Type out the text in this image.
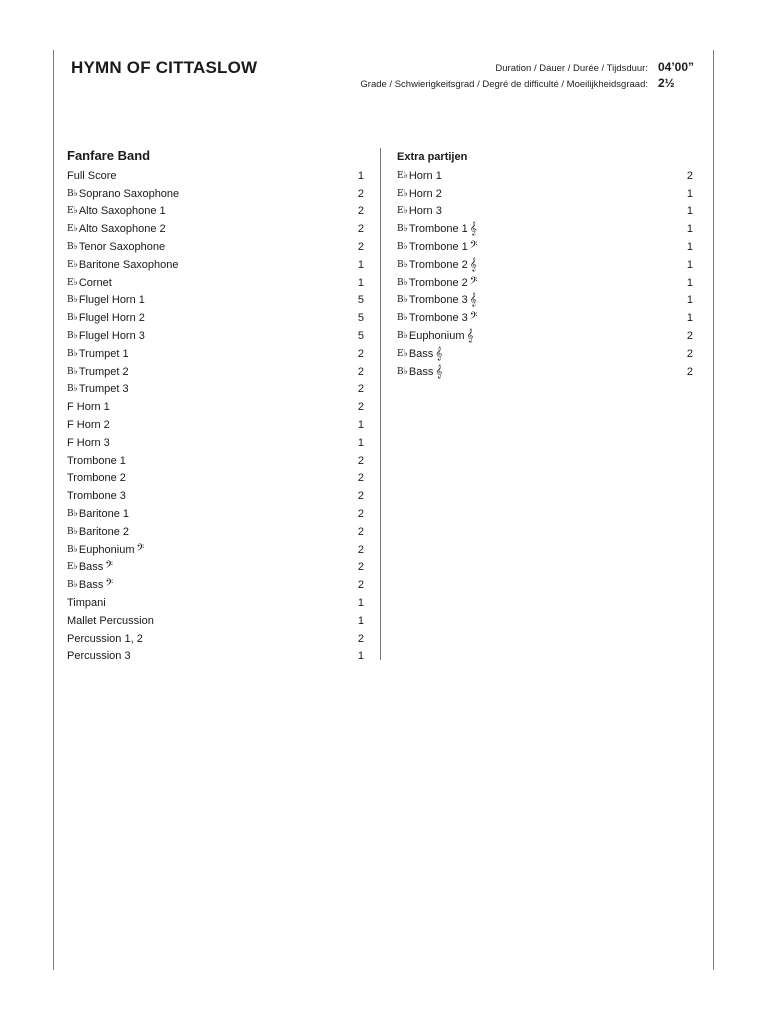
HYMN OF CITTASLOW	Duration / Dauer / Durée / Tijdsduur: 04’00”
Grade / Schwierigkeitsgrad / Degré de difficulté / Moeilijkheidsgraad: 2½
Fanfare Band
Full Score	1
B♭Soprano Saxophone	2
E♭Alto Saxophone 1	2
E♭Alto Saxophone 2	2
B♭Tenor Saxophone	2
E♭Baritone Saxophone	1
E♭Cornet	1
B♭Flugel Horn 1	5
B♭Flugel Horn 2	5
B♭Flugel Horn 3	5
B♭Trumpet 1	2
B♭Trumpet 2	2
B♭Trumpet 3	2
F Horn 1	2
F Horn 2	1
F Horn 3	1
Trombone 1	2
Trombone 2	2
Trombone 3	2
B♭Baritone 1	2
B♭Baritone 2	2
B♭Euphonium 𝄢	2
E♭Bass 𝄢	2
B♭Bass 𝄢	2
Timpani	1
Mallet Percussion	1
Percussion 1, 2	2
Percussion 3	1
Extra partijen
E♭Horn 1	2
E♭Horn 2	1
E♭Horn 3	1
B♭Trombone 1 𝄞	1
B♭Trombone 1 𝄢	1
B♭Trombone 2 𝄞	1
B♭Trombone 2 𝄢	1
B♭Trombone 3 𝄞	1
B♭Trombone 3 𝄢	1
B♭Euphonium 𝄞	2
E♭Bass 𝄞	2
B♭Bass 𝄞	2
